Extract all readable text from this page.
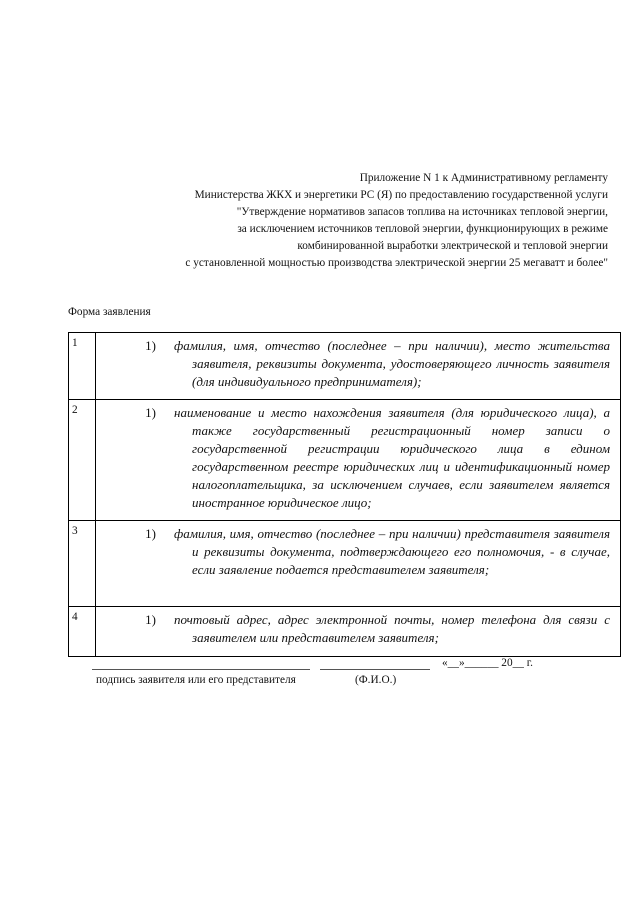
Приложение N 1 к Административному регламенту
Министерства ЖКХ и энергетики РС (Я) по предоставлению государственной услуги
"Утверждение нормативов запасов топлива на источниках тепловой энергии,
за исключением источников тепловой энергии, функционирующих в режиме
комбинированной выработки электрической и тепловой энергии
с установленной мощностью производства электрической энергии 25 мегаватт и более"
Форма заявления
1	1) фамилия, имя, отчество (последнее – при наличии), место жительства заявителя, реквизиты документа, удостоверяющего личность заявителя (для индивидуального предпринимателя);

2	1) наименование и место нахождения заявителя (для юридического лица), а также государственный регистрационный номер записи о государственной регистрации юридического лица в едином государственном реестре юридических лиц и идентификационный номер налогоплательщика, за исключением случаев, если заявителем является иностранное юридическое лицо;

3	1) фамилия, имя, отчество (последнее – при наличии) представителя заявителя и реквизиты документа, подтверждающего его полномочия, - в случае, если заявление подается представителем заявителя;

4	1) почтовый адрес, адрес электронной почты, номер телефона для связи с заявителем или представителем заявителя;
«__»______ 20__ г.
подпись заявителя или его представителя	(Ф.И.О.)
